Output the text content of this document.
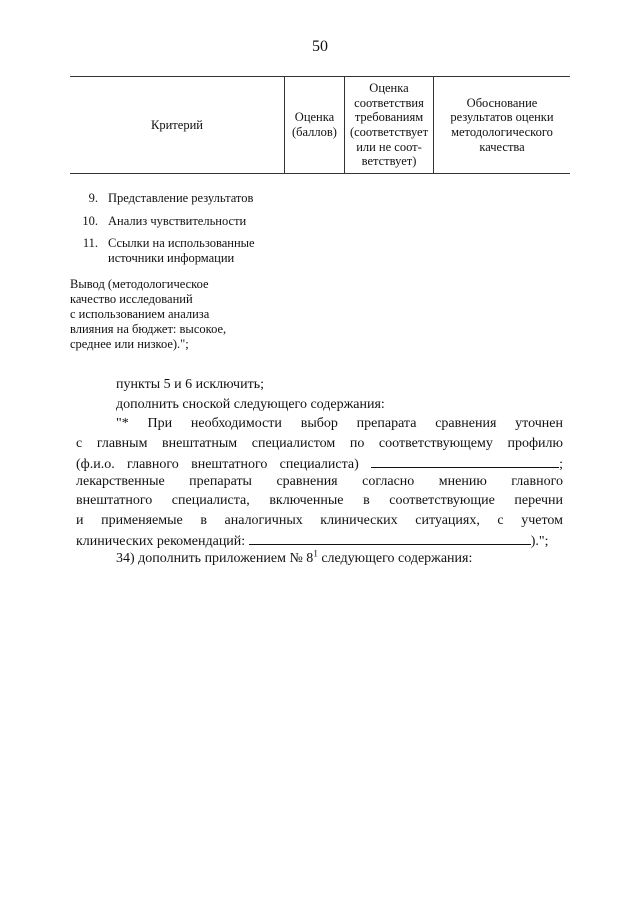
50
Критерий
Оценка
(баллов)
Оценка
соответствия
требованиям
(соответствует
или не соот-
ветствует)
Обоснование
результатов оценки
методологического
качества
9. Представление результатов
10. Анализ чувствительности
11. Ссылки на использованные
источники информации
Вывод (методологическое
качество исследований
с использованием анализа
влияния на бюджет: высокое,
среднее или низкое).";
пункты 5 и 6 исключить;
дополнить сноской следующего содержания:
"* При необходимости выбор препарата сравнения уточнен
с главным внештатным специалистом по соответствующему профилю
(ф.и.о. главного внештатного специалиста)	;
лекарственные препараты сравнения согласно мнению главного
внештатного специалиста, включенные в соответствующие перечни
и применяемые в аналогичных клинических ситуациях, с учетом
клинических рекомендаций:	).";
34) дополнить приложением № $8^1$ следующего содержания:
